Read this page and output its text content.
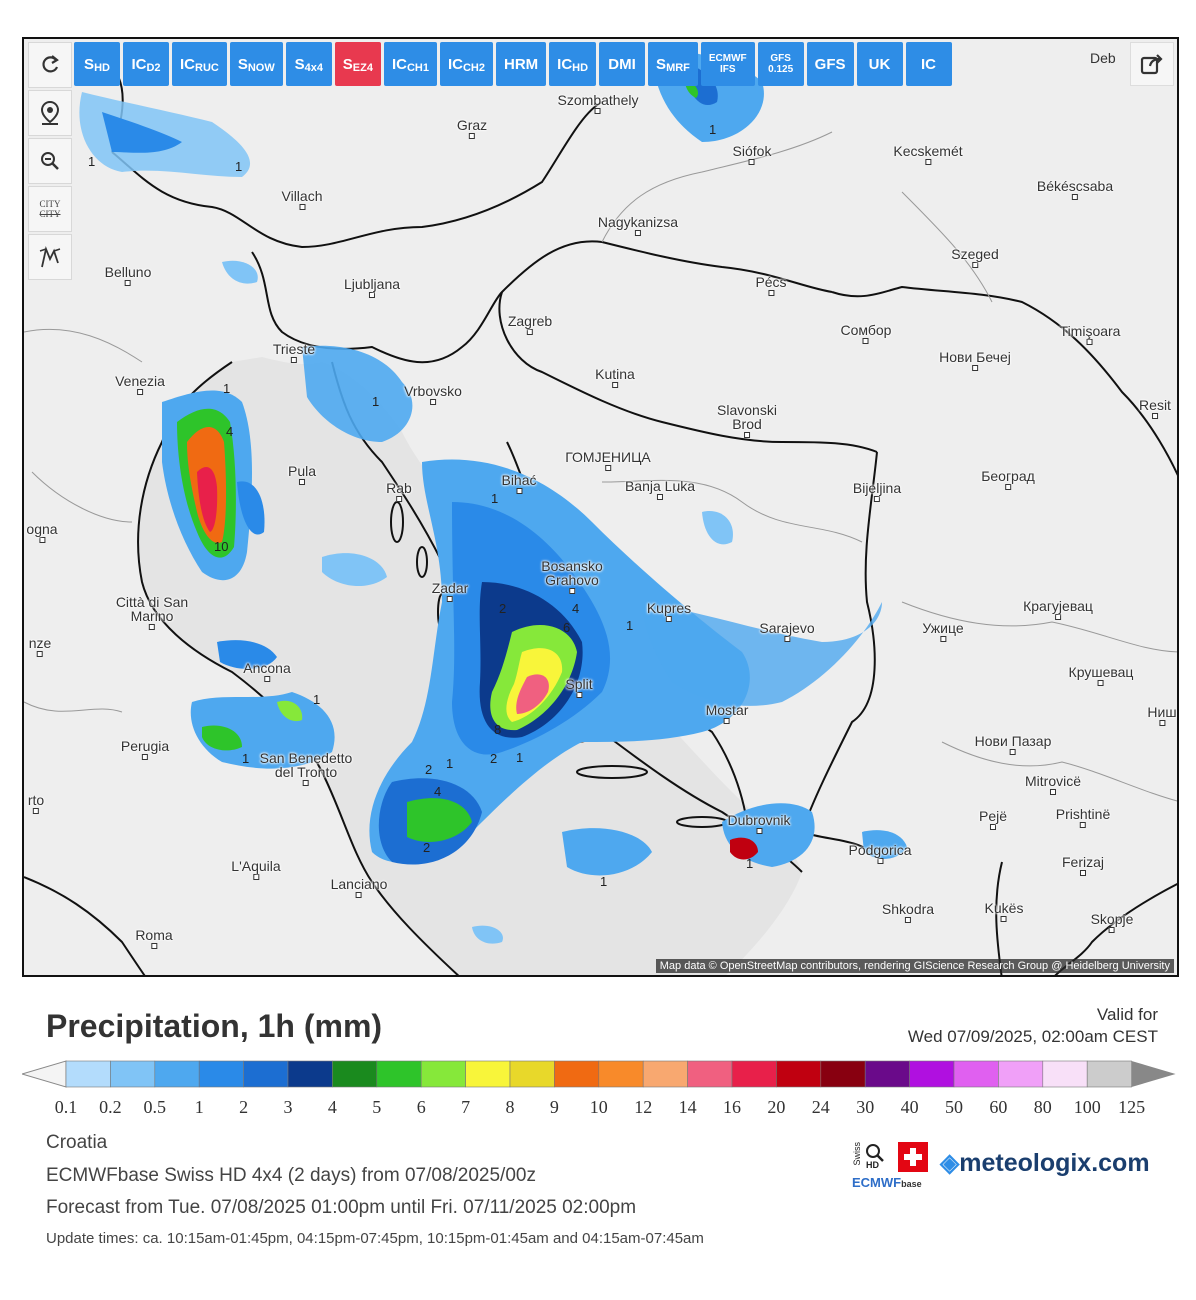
Szombathely
Graz
Siófok	Kecskemét
Villach
Békéscsaba
Nagykanizsa
Szeged
Belluno
Ljubljana	Pécs
Zagreb
Сомбор	Timişoara
Trieste	Нови Бечеј
Kutina
Venezia
Vrbovsko
Resit
Slavonski
Brod
ГОМЈЕНИЦА
Pula
Bihać	Bijeljina
Београд
Banja Luka
Rab
ogna
Bosansko
Grahovo
Zadar
Città di San
Marino	Kupres
Sarajevo
Крагујевац
Ужице
nze
Ancona	Крушевац
Split
Mostar	Ниш
Perugia	Нови Пазар
San Benedetto
del Tronto
Mitrovicë
rto
Dubrovnik	Pejë	Prishtinë
Podgorica
Ferizaj
L'Aquila
Lanciano
Shkodra	Kukës
Skopje
Roma
1	1
1
1
4
10
1
1
2
6
4
1
8
2 1	2 1
4
2
1
1
1
1
Map data © OpenStreetMap contributors, rendering GIScience Research Group @ Heidelberg University
CITY
CITY
S HD IC D2 IC RUC S NOW S 4x4 S EZ4 IC CH1 IC CH2 HRM IC HD DMI S MRF
ECMWF
IFS
GFS
0.125 GFS UK IC	Deb
Precipitation, 1h (mm)	Valid for
Wed 07/09/2025, 02:00am CEST
0.1 0.2 0.5 1 2 3 4 5 6 7 8 9 10 12 14 16 20 24 30 40 50 60 80 100 125
Croatia
ECMWFbase Swiss HD 4x4 (2 days) from 07/08/2025/00z
Forecast from Tue. 07/08/2025 01:00pm until Fri. 07/11/2025 02:00pm
Update times: ca. 10:15am-01:45pm, 04:15pm-07:45pm, 10:15pm-01:45am and 04:15am-07:45am
Swiss HD
ECMWFbase
◈meteologix.com
